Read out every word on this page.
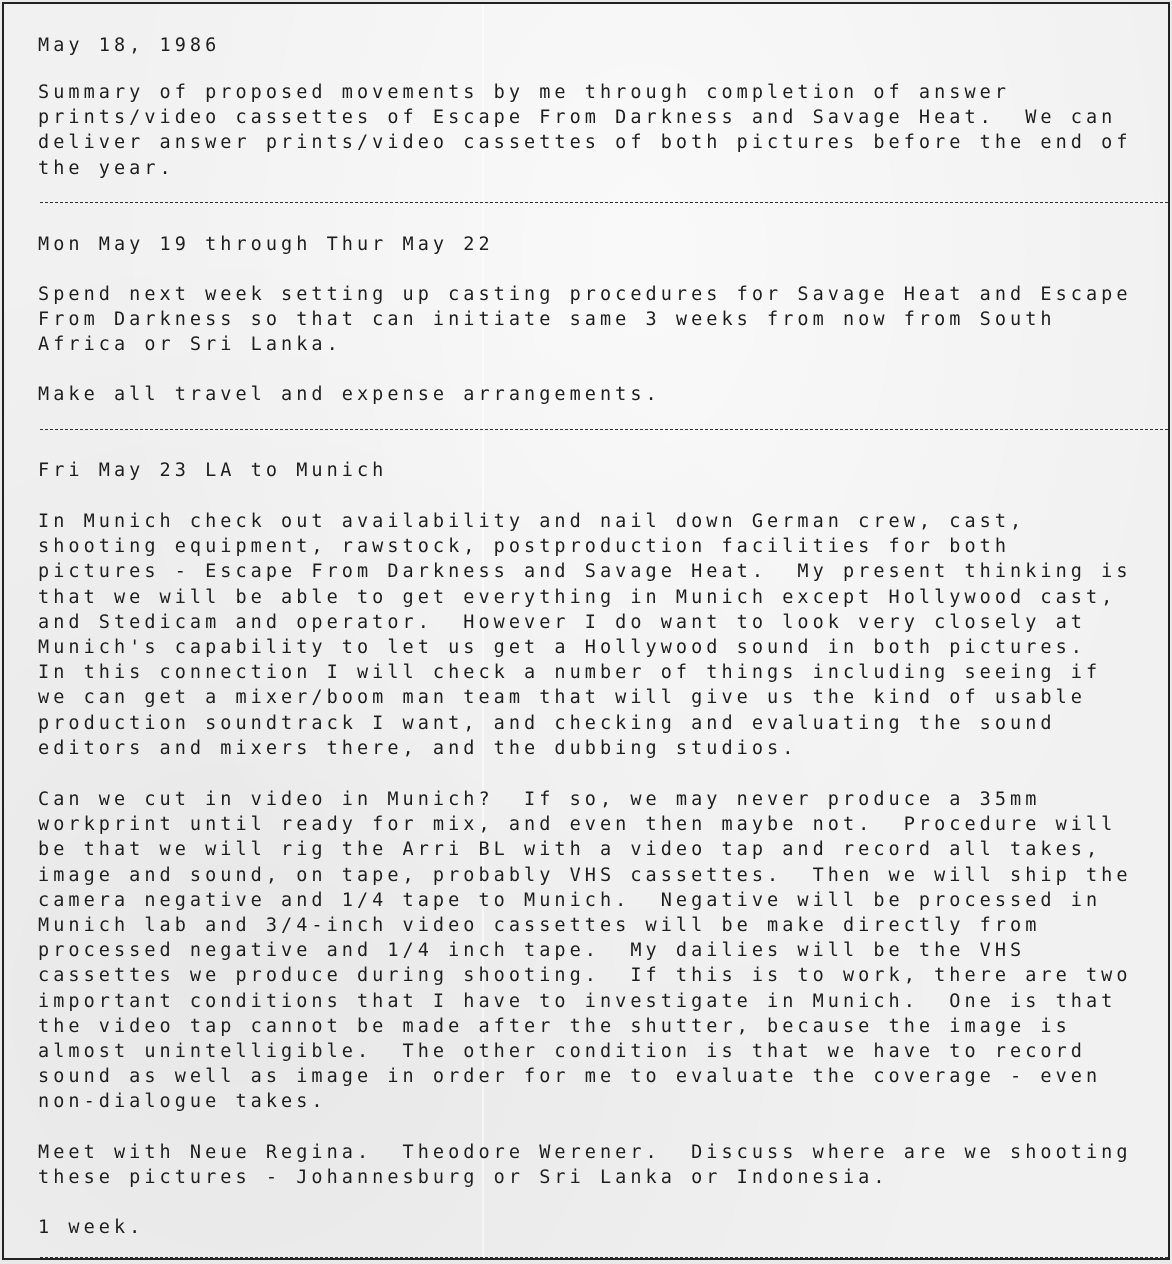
May 18, 1986

Summary of proposed movements by me through completion of answer
prints/video cassettes of Escape From Darkness and Savage Heat.  We can
deliver answer prints/video cassettes of both pictures before the end of
the year.

Mon May 19 through Thur May 22

Spend next week setting up casting procedures for Savage Heat and Escape
From Darkness so that can initiate same 3 weeks from now from South
Africa or Sri Lanka.

Make all travel and expense arrangements.

Fri May 23 LA to Munich

In Munich check out availability and nail down German crew, cast,
shooting equipment, rawstock, postproduction facilities for both
pictures - Escape From Darkness and Savage Heat.  My present thinking is
that we will be able to get everything in Munich except Hollywood cast,
and Stedicam and operator.  However I do want to look very closely at
Munich's capability to let us get a Hollywood sound in both pictures.
In this connection I will check a number of things including seeing if
we can get a mixer/boom man team that will give us the kind of usable
production soundtrack I want, and checking and evaluating the sound
editors and mixers there, and the dubbing studios.

Can we cut in video in Munich?  If so, we may never produce a 35mm
workprint until ready for mix, and even then maybe not.  Procedure will
be that we will rig the Arri BL with a video tap and record all takes,
image and sound, on tape, probably VHS cassettes.  Then we will ship the
camera negative and 1/4 tape to Munich.  Negative will be processed in
Munich lab and 3/4-inch video cassettes will be make directly from
processed negative and 1/4 inch tape.  My dailies will be the VHS
cassettes we produce during shooting.  If this is to work, there are two
important conditions that I have to investigate in Munich.  One is that
the video tap cannot be made after the shutter, because the image is
almost unintelligible.  The other condition is that we have to record
sound as well as image in order for me to evaluate the coverage - even
non-dialogue takes.

Meet with Neue Regina.  Theodore Werener.  Discuss where are we shooting
these pictures - Johannesburg or Sri Lanka or Indonesia.

1 week.
